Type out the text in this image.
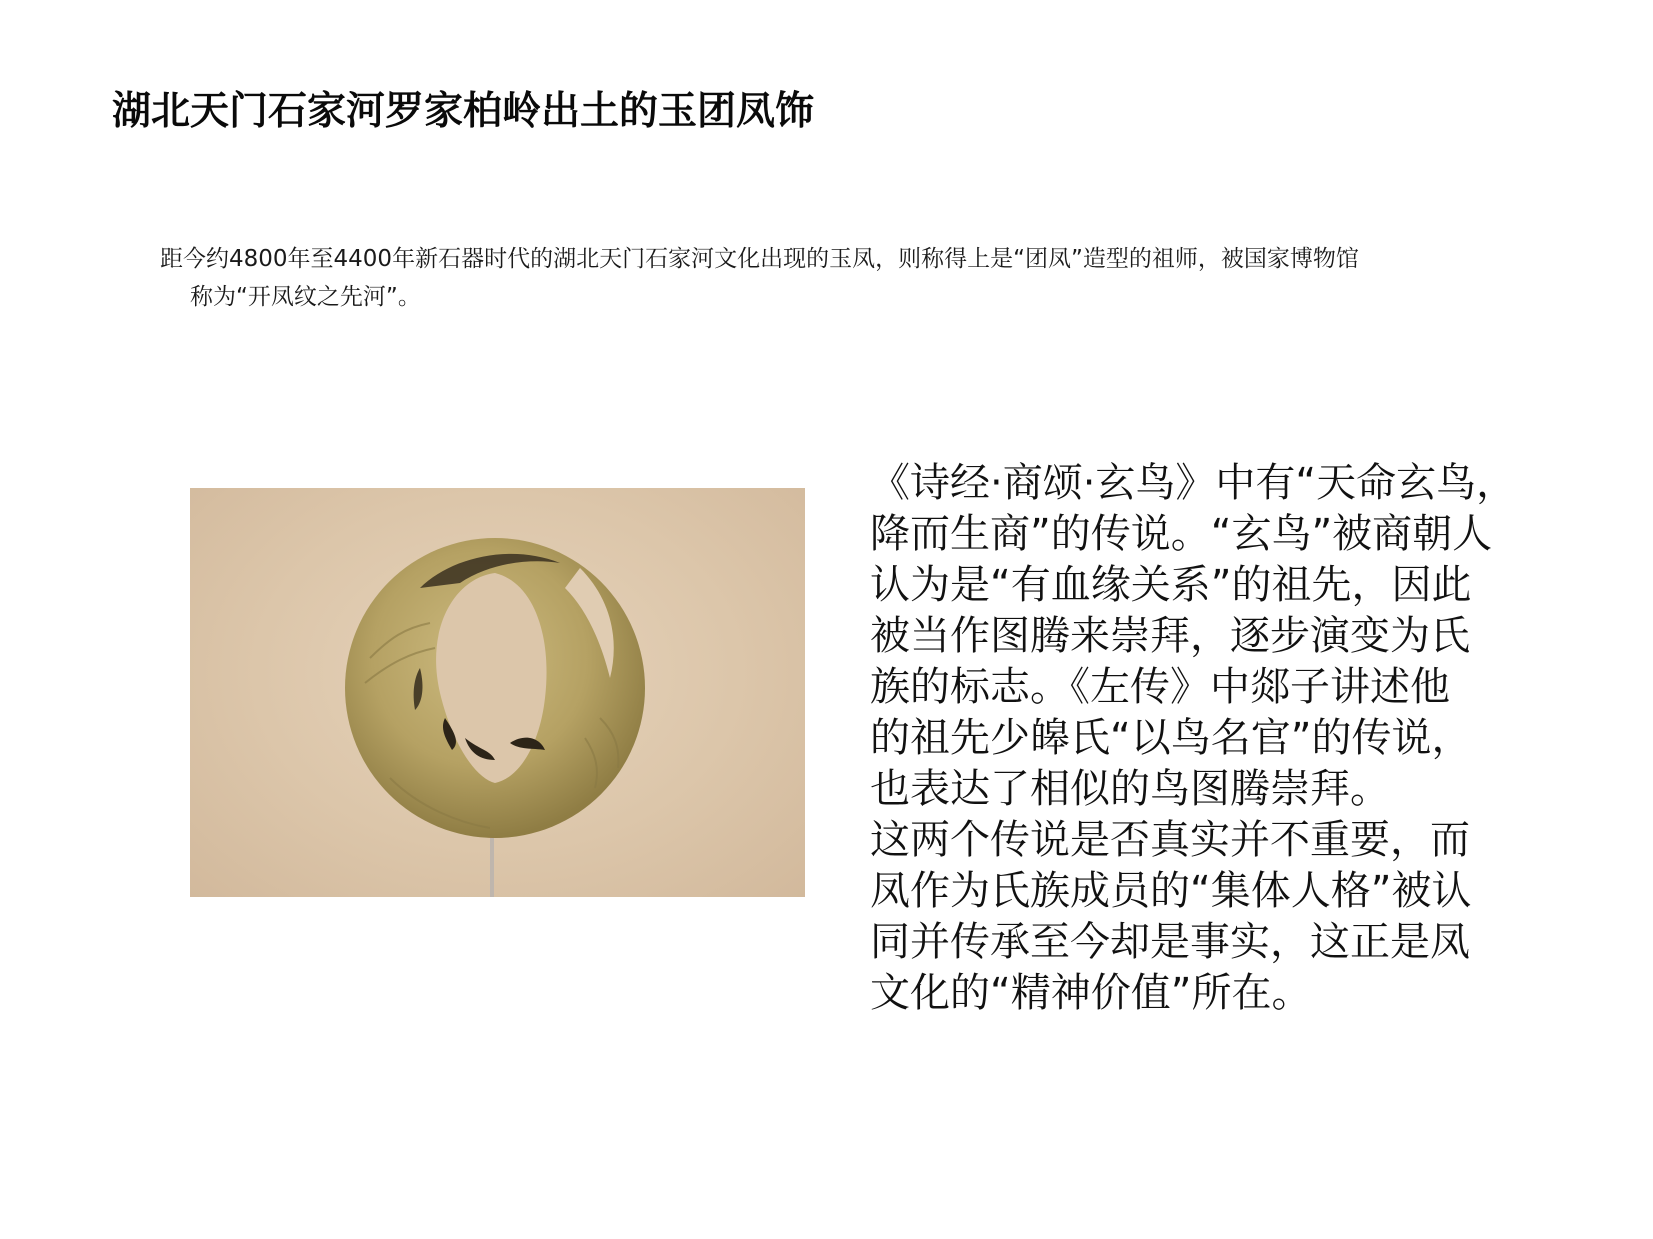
湖北天门石家河罗家柏岭出土的玉团凤饰
距今约4800年至4400年新石器时代的湖北天门石家河文化出现的玉凤，则称得上是“团凤”造型的祖师，被国家博物馆
称为“开凤纹之先河”。
《诗经·商颂·玄鸟》中有“天命玄鸟，
降而生商”的传说。“玄鸟”被商朝人
认为是“有血缘关系”的祖先，因此
被当作图腾来崇拜，逐步演变为氏
族的标志。《左传》中郯子讲述他
的祖先少皞氏“以鸟名官”的传说，
也表达了相似的鸟图腾崇拜。
这两个传说是否真实并不重要，而
凤作为氏族成员的“集体人格”被认
同并传承至今却是事实，这正是凤
文化的“精神价值”所在。
